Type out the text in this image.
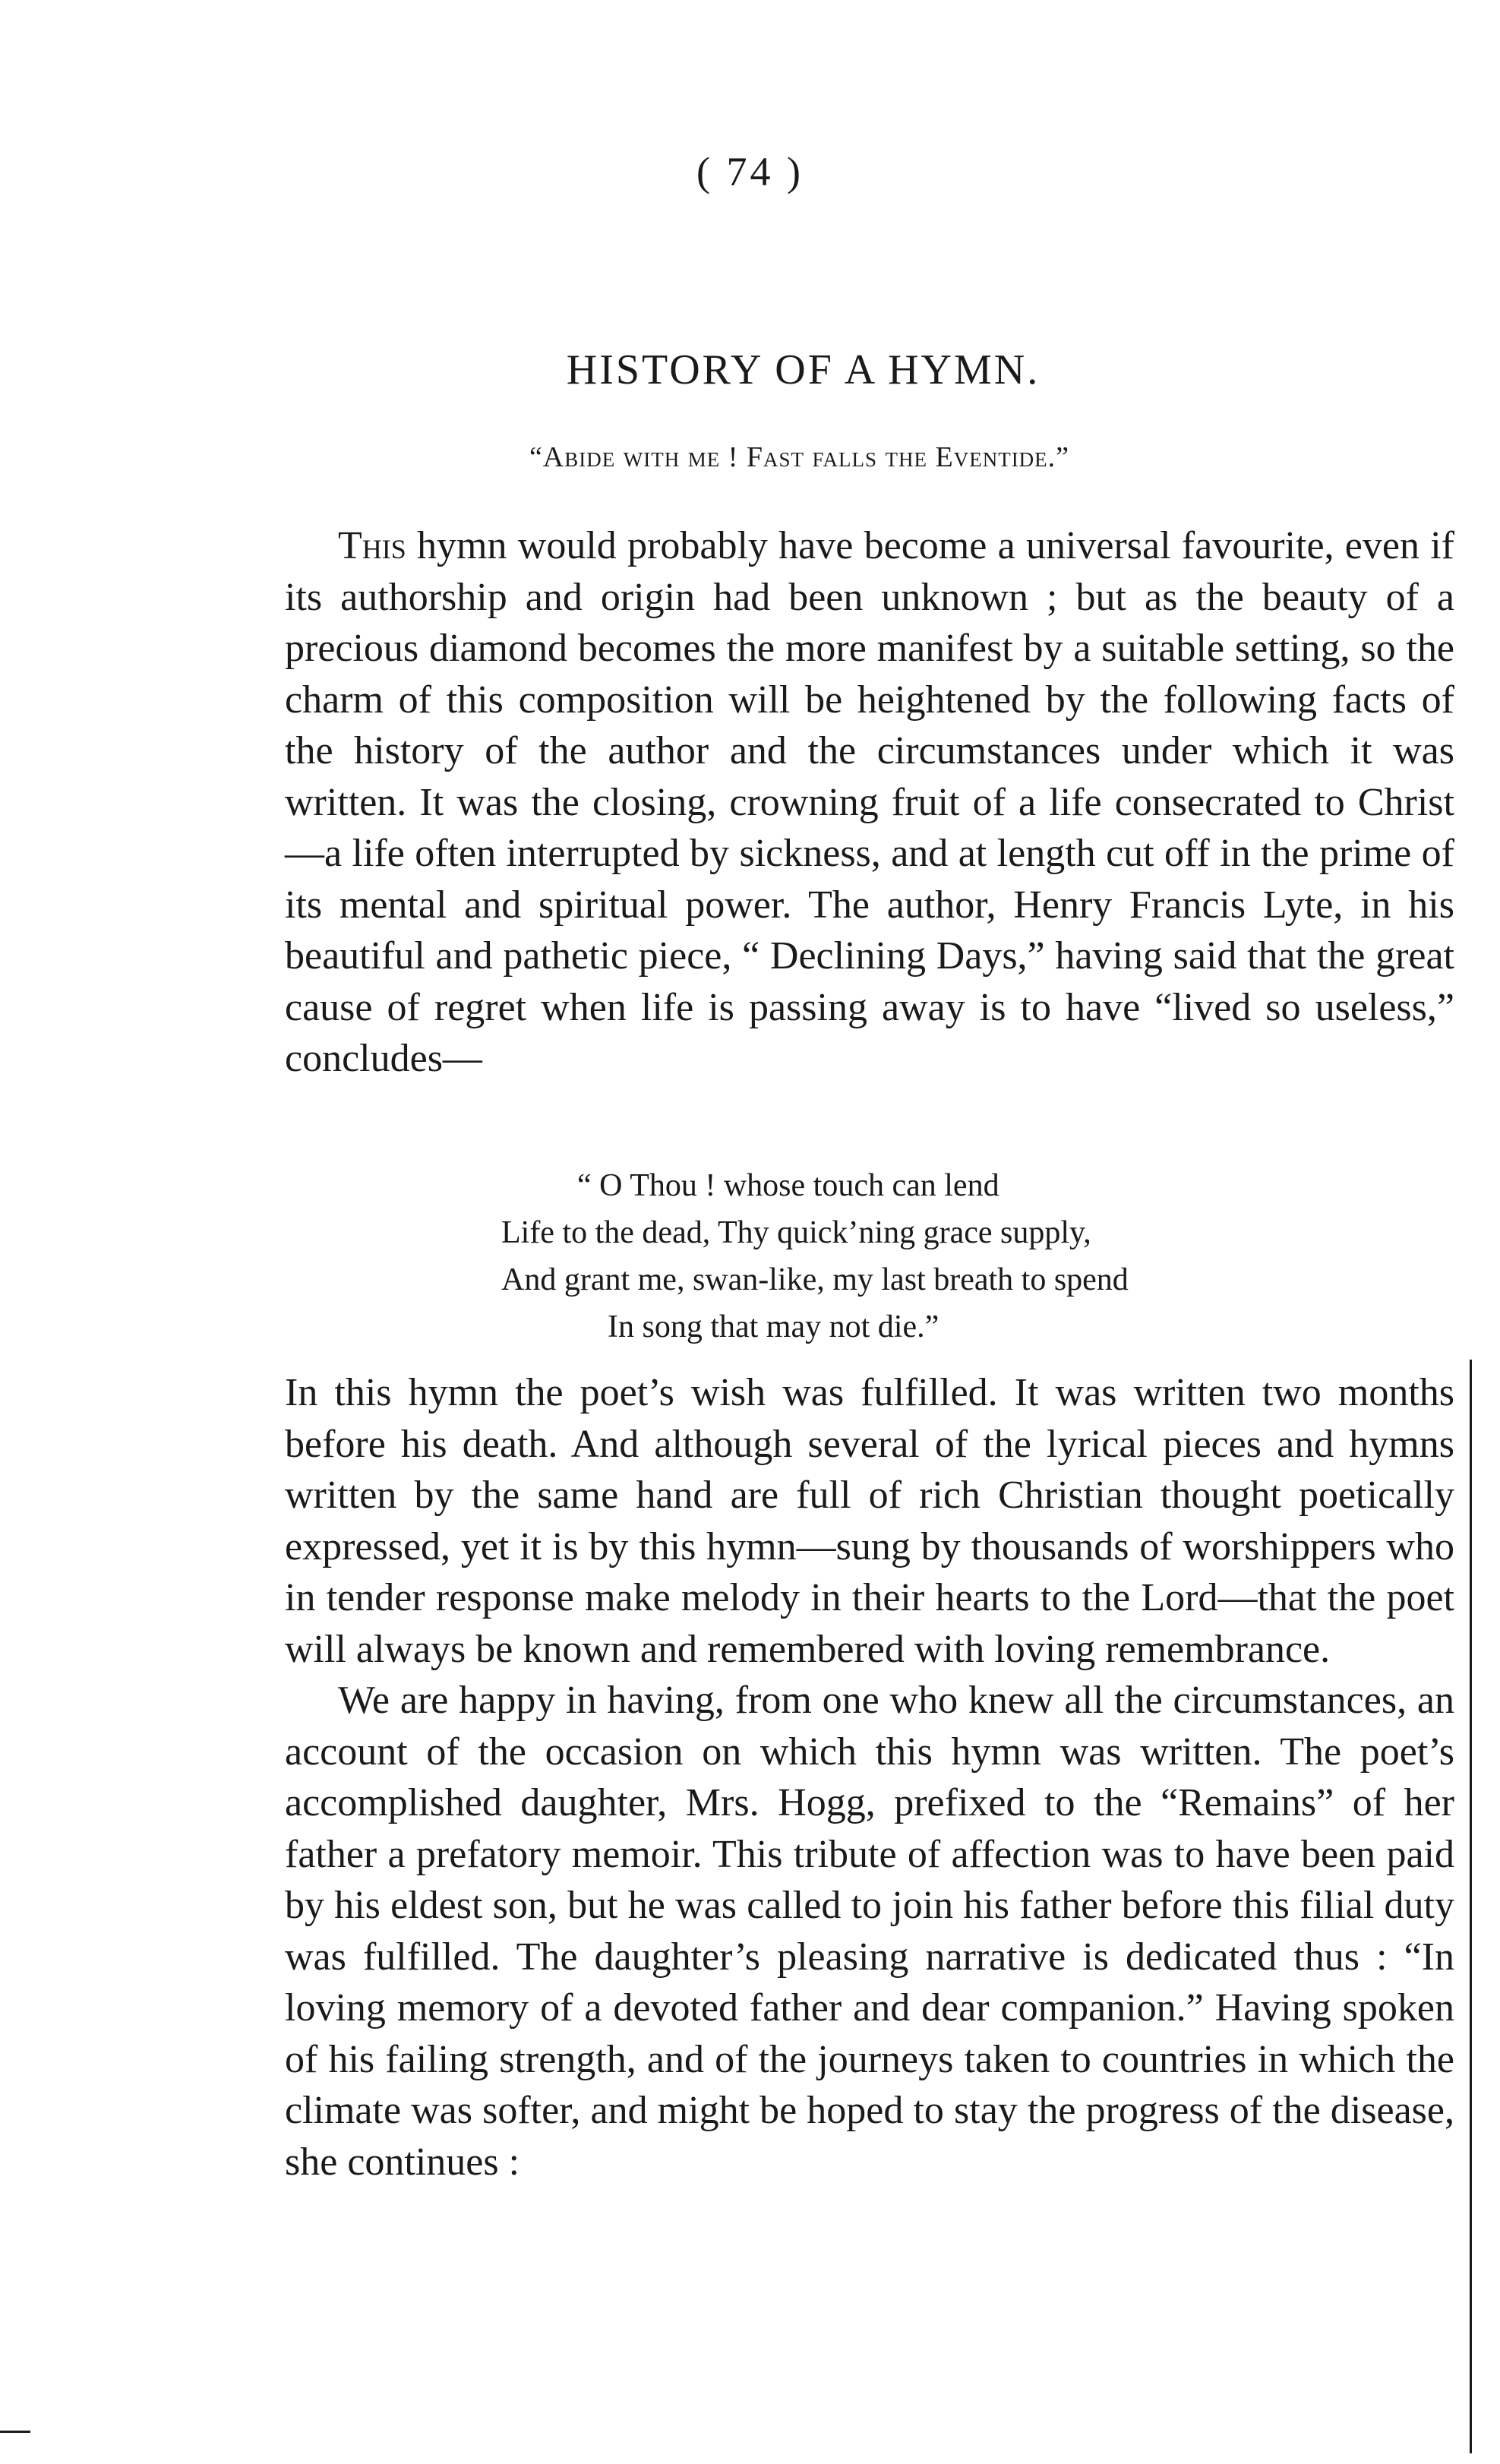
( 74 )
HISTORY OF A HYMN.
“Abide with me ! Fast falls the Eventide.”

This hymn would probably have become a universal favourite, even if its authorship and origin had been unknown ; but as the beauty of a precious diamond becomes the more manifest by a suitable setting, so the charm of this composition will be heightened by the following facts of the history of the author and the circumstances under which it was written. It was the closing, crowning fruit of a life consecrated to Christ—a life often interrupted by sickness, and at length cut off in the prime of its mental and spiritual power. The author, Henry Francis Lyte, in his beautiful and pathetic piece, “ Declining Days,” having said that the great cause of regret when life is passing away is to have “lived so useless,” concludes—

“ O Thou ! whose touch can lend
Life to the dead, Thy quick’ning grace supply,
And grant me, swan-like, my last breath to spend
In song that may not die.”

In this hymn the poet’s wish was fulfilled. It was written two months before his death. And although several of the lyrical pieces and hymns written by the same hand are full of rich Christian thought poetically expressed, yet it is by this hymn—sung by thousands of worshippers who in tender response make melody in their hearts to the Lord—that the poet will always be known and remembered with loving remembrance.

We are happy in having, from one who knew all the circumstances, an account of the occasion on which this hymn was written. The poet’s accomplished daughter, Mrs. Hogg, prefixed to the “Remains” of her father a prefatory memoir. This tribute of affection was to have been paid by his eldest son, but he was called to join his father before this filial duty was fulfilled. The daughter’s pleasing narrative is dedicated thus : “In loving memory of a devoted father and dear companion.” Having spoken of his failing strength, and of the journeys taken to countries in which the climate was softer, and might be hoped to stay the progress of the disease, she continues :
